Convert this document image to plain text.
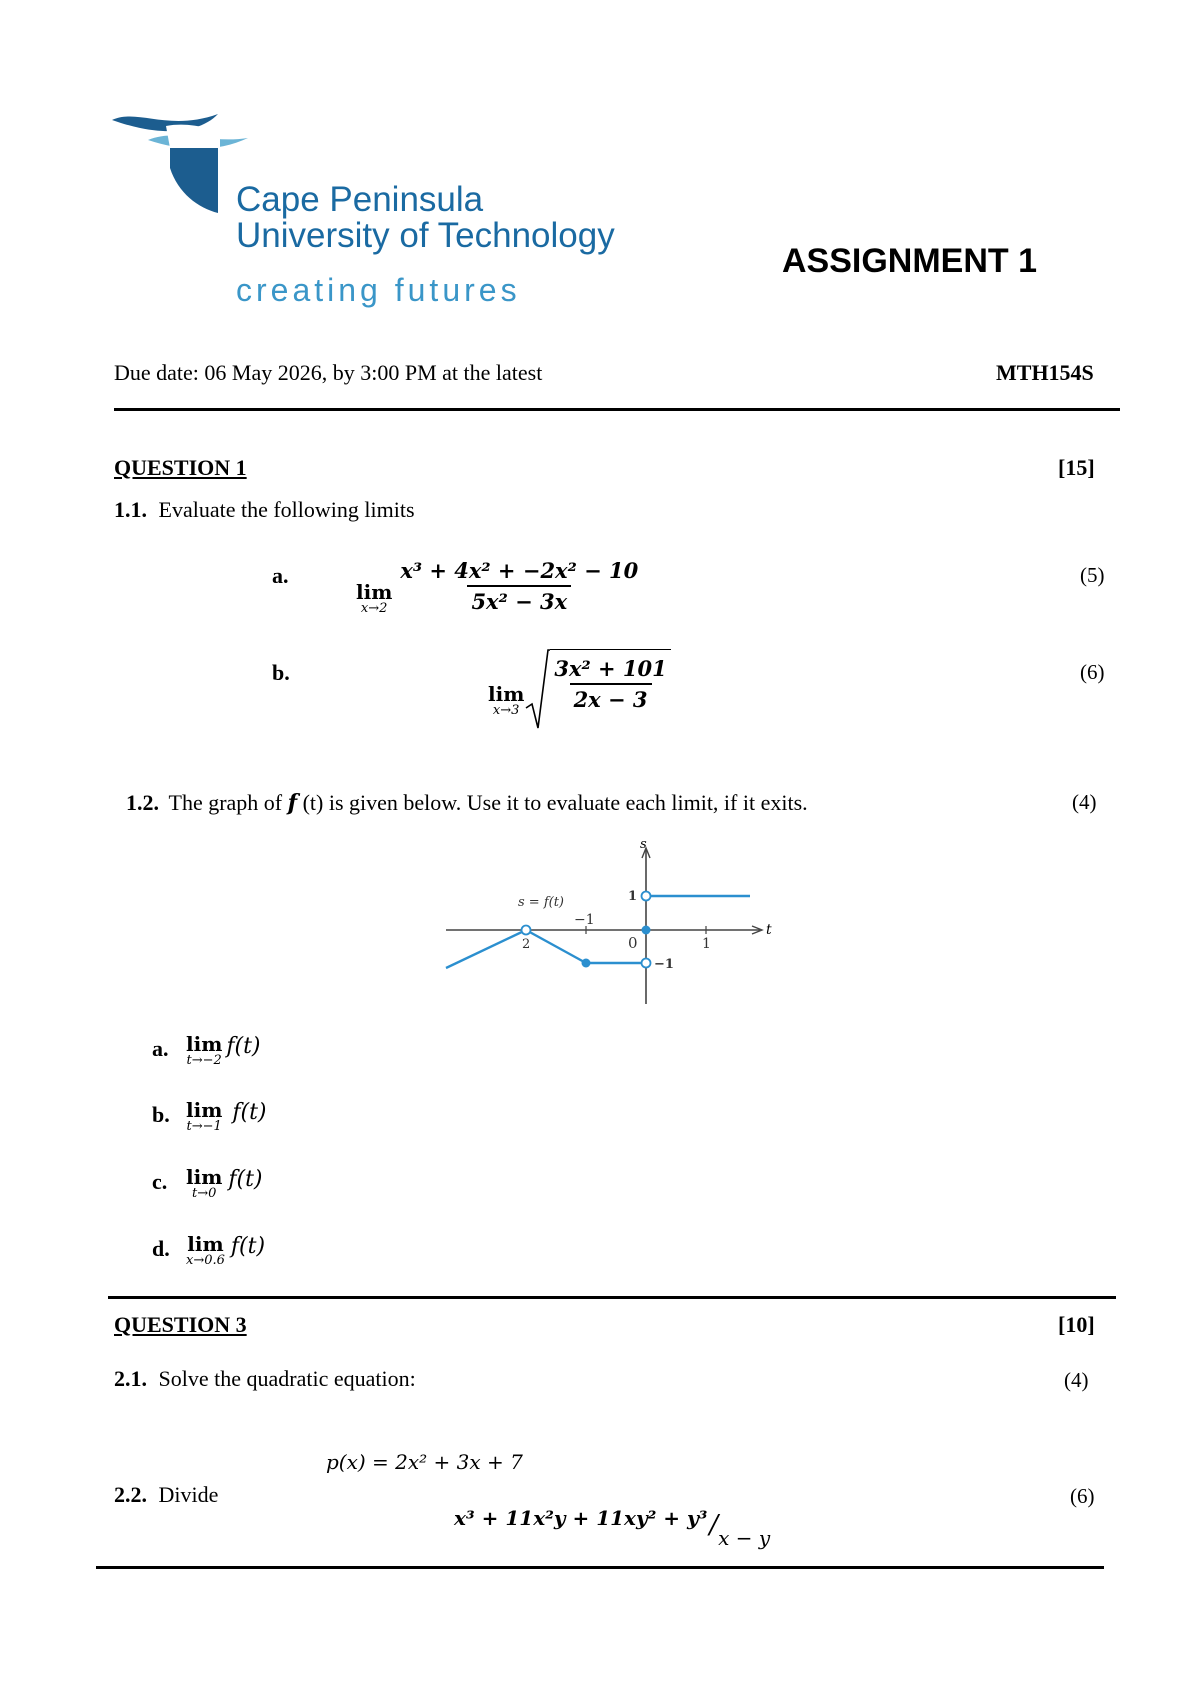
Cape Peninsula
University of Technology
creating futures
ASSIGNMENT 1
Due date: 06 May 2026, by 3:00 PM at the latest	MTH154S
QUESTION 1	[15]
1.1. Evaluate the following limits
a.
lim
$x\to 2 \frac{\text{x³ + 4x² + −2x² − 10}}{\text{5x² − 3x}}$	(5)
b.
lim
$x\to 3 \frac{\text{3x² + 101}}{2x - 3}$	(6)
1.2. The graph of f (t) is given below. Use it to evaluate each limit, if it exits.	(4)
s
t
s = f(t)
2
−1
0	1
1
−1
a. lim
t→−2
f(t)
b. lim
t→−1
f(t)
c. lim
t→0
f(t)
d. lim
x→0.6
f(t)
QUESTION 3	[10]
2.1. Solve the quadratic equation:	(4)
p(x) = 2x² + 3x + 7
2.2. Divide	(6)
x³ + 11x²y + 11xy² + y³ / x − y
